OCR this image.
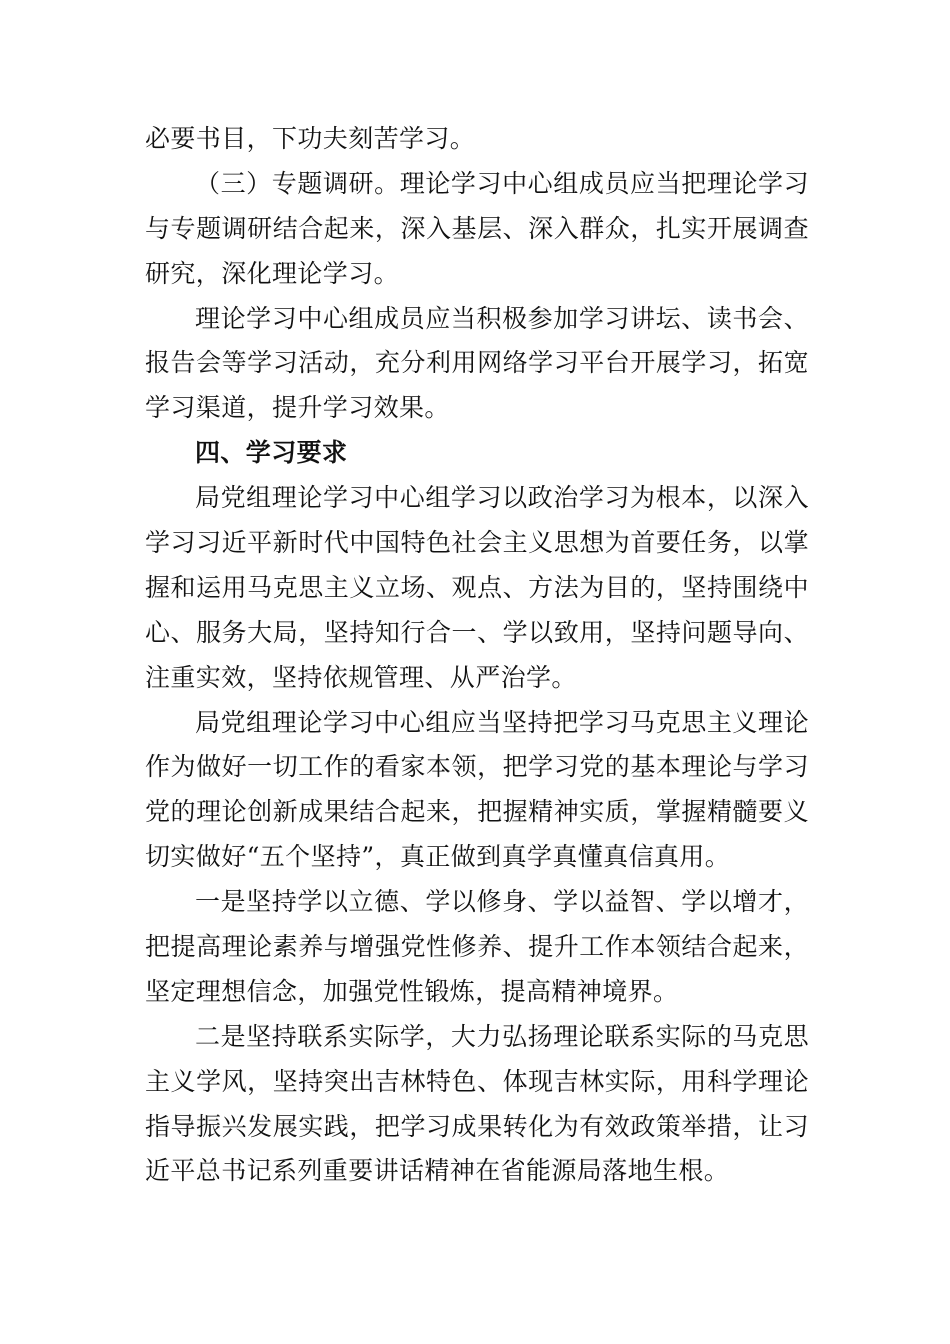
必要书目，下功夫刻苦学习。
（三）专题调研。理论学习中心组成员应当把理论学习
与专题调研结合起来，深入基层、深入群众，扎实开展调查
研究，深化理论学习。
理论学习中心组成员应当积极参加学习讲坛、读书会、
报告会等学习活动，充分利用网络学习平台开展学习，拓宽
学习渠道，提升学习效果。
四、学习要求
局党组理论学习中心组学习以政治学习为根本，以深入
学习习近平新时代中国特色社会主义思想为首要任务，以掌
握和运用马克思主义立场、观点、方法为目的，坚持围绕中
心、服务大局，坚持知行合一、学以致用，坚持问题导向、
注重实效，坚持依规管理、从严治学。
局党组理论学习中心组应当坚持把学习马克思主义理论
作为做好一切工作的看家本领，把学习党的基本理论与学习
党的理论创新成果结合起来，把握精神实质，掌握精髓要义
切实做好“五个坚持”，真正做到真学真懂真信真用。
一是坚持学以立德、学以修身、学以益智、学以增才，
把提高理论素养与增强党性修养、提升工作本领结合起来，
坚定理想信念，加强党性锻炼，提高精神境界。
二是坚持联系实际学，大力弘扬理论联系实际的马克思
主义学风，坚持突出吉林特色、体现吉林实际，用科学理论
指导振兴发展实践，把学习成果转化为有效政策举措，让习
近平总书记系列重要讲话精神在省能源局落地生根。
